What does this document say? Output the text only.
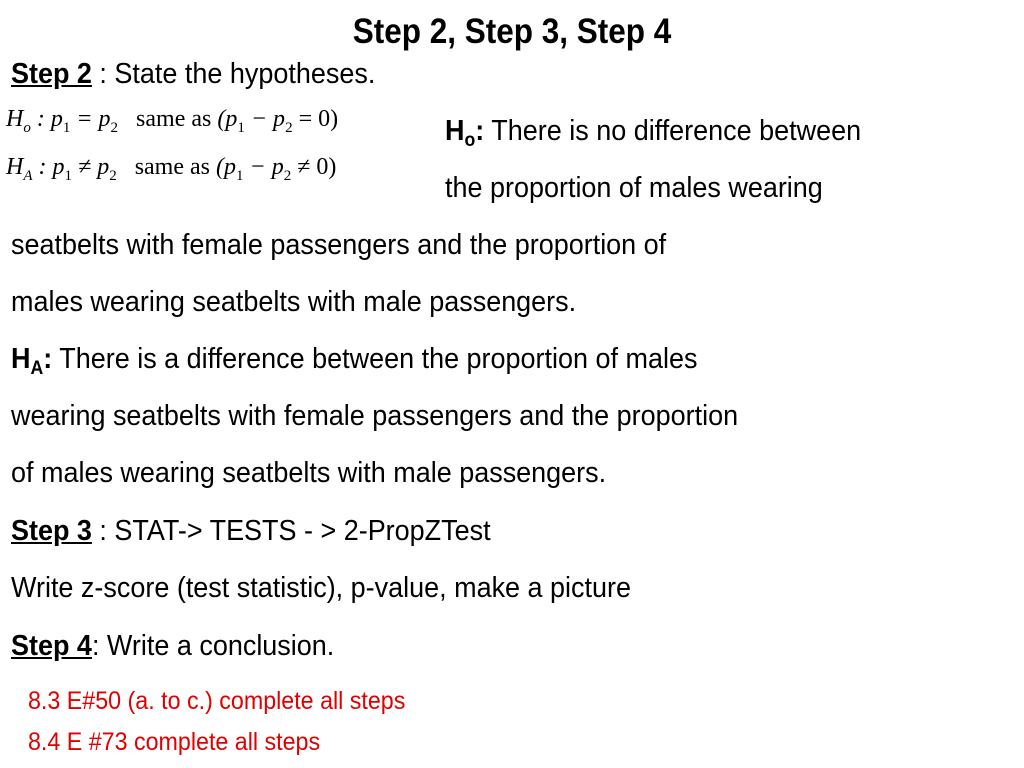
Step 2, Step 3, Step 4
Step 2 : State the hypotheses.
$H_o$ : $p_1 = p_2$ same as $(p_1 - p_2 = 0)$
$H_A$ : $p_1 \ne p_2$ same as $(p_1 - p_2 \ne 0)$
$H_o$: There is no difference between
the proportion of males wearing
seatbelts with female passengers and the proportion of
males wearing seatbelts with male passengers.
$H_A$: There is a difference between the proportion of males
wearing seatbelts with female passengers and the proportion
of males wearing seatbelts with male passengers.
Step 3 : STAT-> TESTS - > 2-PropZTest
Write z-score (test statistic), p-value, make a picture
Step 4: Write a conclusion.
8.3 E#50 (a. to c.) complete all steps
8.4 E #73 complete all steps
